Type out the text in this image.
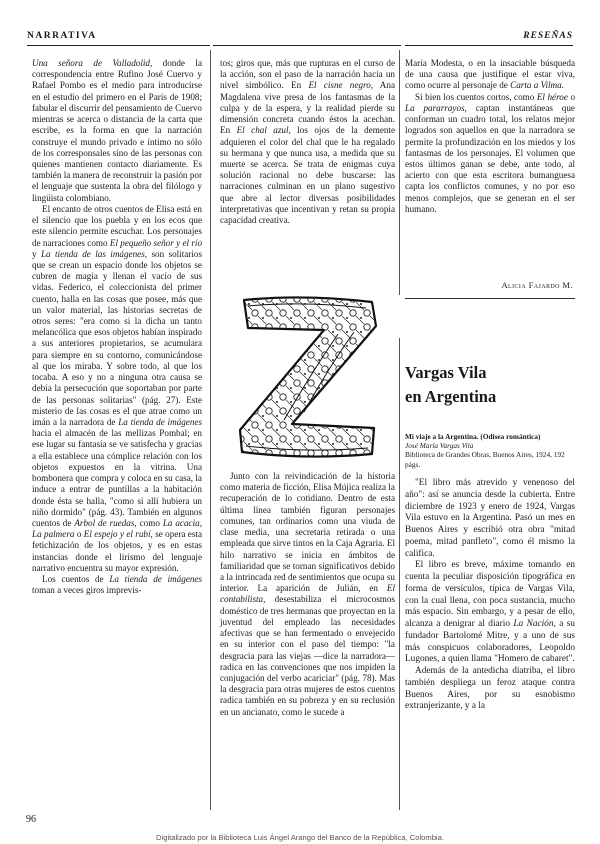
NARRATIVA	RESEÑAS

Una señora de Valladolid, donde la correspondencia entre Rufino José Cuervo y Rafael Pombo es el medio para introducirse en el estudio del primero en el París de 1908; fabular el discurrir del pensamiento de Cuervo mientras se acerca o distancia de la carta que escribe, es la forma en que la narración construye el mundo privado e íntimo no sólo de los corresponsales sino de las personas con quienes mantienen contacto diariamente. Es también la manera de reconstruir la pasión por el lenguaje que sustenta la obra del filólogo y lingüista colombiano.

El encanto de otros cuentos de Elisa está en el silencio que los puebla y en los ecos que este silencio permite escuchar. Los personajes de narraciones como El pequeño señor y el río y La tienda de las imágenes, son solitarios que se crean un espacio donde los objetos se cubren de magia y llenan el vacío de sus vidas. Federico, el coleccionista del primer cuento, halla en las cosas que posee, más que un valor material, las historias secretas de otros seres: "era como si la dicha un tanto melancólica que esos objetos habían inspirado a sus anteriores propietarios, se acumulara para siempre en su contorno, comunicándose al que los miraba. Y sobre todo, al que los tocaba. A eso y no a ninguna otra causa se debía la persecución que soportaban por parte de las personas solitarias" (pág. 27). Este misterio de las cosas es el que atrae como un imán a la narradora de La tienda de imágenes hacia el almacén de las mellizas Pombal; en ese lugar su fantasía se ve satisfecha y gracias a ella establece una cómplice relación con los objetos expuestos en la vitrina. Una bombonera que compra y coloca en su casa, la induce a entrar de puntillas a la habitación donde ésta se halla, "como si allí hubiera un niño dormido" (pág. 43). También en algunos cuentos de Arbol de ruedas, como La acacia, La palmera o El espejo y el rubí, se opera esta fetichización de los objetos, y es en estas instancias donde el lirismo del lenguaje narrativo encuentra su mayor expresión.

Los cuentos de La tienda de imágenes toman a veces giros imprevis-

tos; giros que, más que rupturas en el curso de la acción, son el paso de la narración hacia un nivel simbólico. En El cisne negro, Ana Magdalena vive presa de los fantasmas de la culpa y de la espera, y la realidad pierde su dimensión concreta cuando éstos la acechan. En El chal azul, los ojos de la demente adquieren el color del chal que le ha regalado su hermana y que nunca usa, a medida que su muerte se acerca. Se trata de enigmas cuya solución racional no debe buscarse: las narraciones culminan en un plano sugestivo que abre al lector diversas posibilidades interpretativas que incentivan y retan su propia capacidad creativa.

Junto con la reivindicación de la historia como materia de ficción, Elisa Mújica realiza la recuperación de lo cotidiano. Dentro de esta última línea también figuran personajes comunes, tan ordinarios como una viuda de clase media, una secretaria retirada o una empleada que sirve tintos en la Caja Agraria. El hilo narrativo se inicia en ámbitos de familiaridad que se tornan significativos debido a la intrincada red de sentimientos que ocupa su interior. La aparición de Julián, en El contabilista, desestabiliza el microcosmos doméstico de tres hermanas que proyectan en la juventud del empleado las necesidades afectivas que se han fermentado o envejecido en su interior con el paso del tiempo: "la desgracia para las viejas —dice la narradora— radica en las convenciones que nos impiden la conjugación del verbo acariciar" (pág. 78). Mas la desgracia para otras mujeres de estos cuentos radica también en su pobreza y en su reclusión en un ancianato, como le sucede a

María Modesta, o en la insaciable búsqueda de una causa que justifique el estar viva, como ocurre al personaje de Carta a Vilma.

Si bien los cuentos cortos, como El héroe o La pararrayos, captan instantáneas que conforman un cuadro total, los relatos mejor logrados son aquellos en que la narradora se permite la profundización en los miedos y los fantasmas de los personajes. El volumen que estos últimos ganan se debe, ante todo, al acierto con que esta escritora bumanguesa capta los conflictos comunes, y no por eso menos complejos, que se generan en el ser humano.

Alicia Fajardo M.
Vargas Vila
en Argentina
Mi viaje a la Argentina. (Odisea romántica)
José María Vargas Vila
Biblioteca de Grandes Obras, Buenos Aires, 1924, 192 págs.

"El libro más atrevido y venenoso del año": así se anuncia desde la cubierta. Entre diciembre de 1923 y enero de 1924, Vargas Vila estuvo en la Argentina. Pasó un mes en Buenos Aires y escribió otra obra "mitad poema, mitad panfleto", como él mismo la califica.

El libro es breve, máxime tomando en cuenta la peculiar disposición tipográfica en forma de versículos, típica de Vargas Vila, con la cual llena, con poca sustancia, mucho más espacio. Sin embargo, y a pesar de ello, alcanza a denigrar al diario La Nación, a su fundador Bartolomé Mitre, y a uno de sus más conspicuos colaboradores, Leopoldo Lugones, a quien llama "Homero de cabaret".

Además de la antedicha diatriba, el libro también despliega un feroz ataque contra Buenos Aires, por su esnobismo extranjerizante, y a la

96
Digitalizado por la Biblioteca Luis Ángel Arango del Banco de la República, Colombia.
